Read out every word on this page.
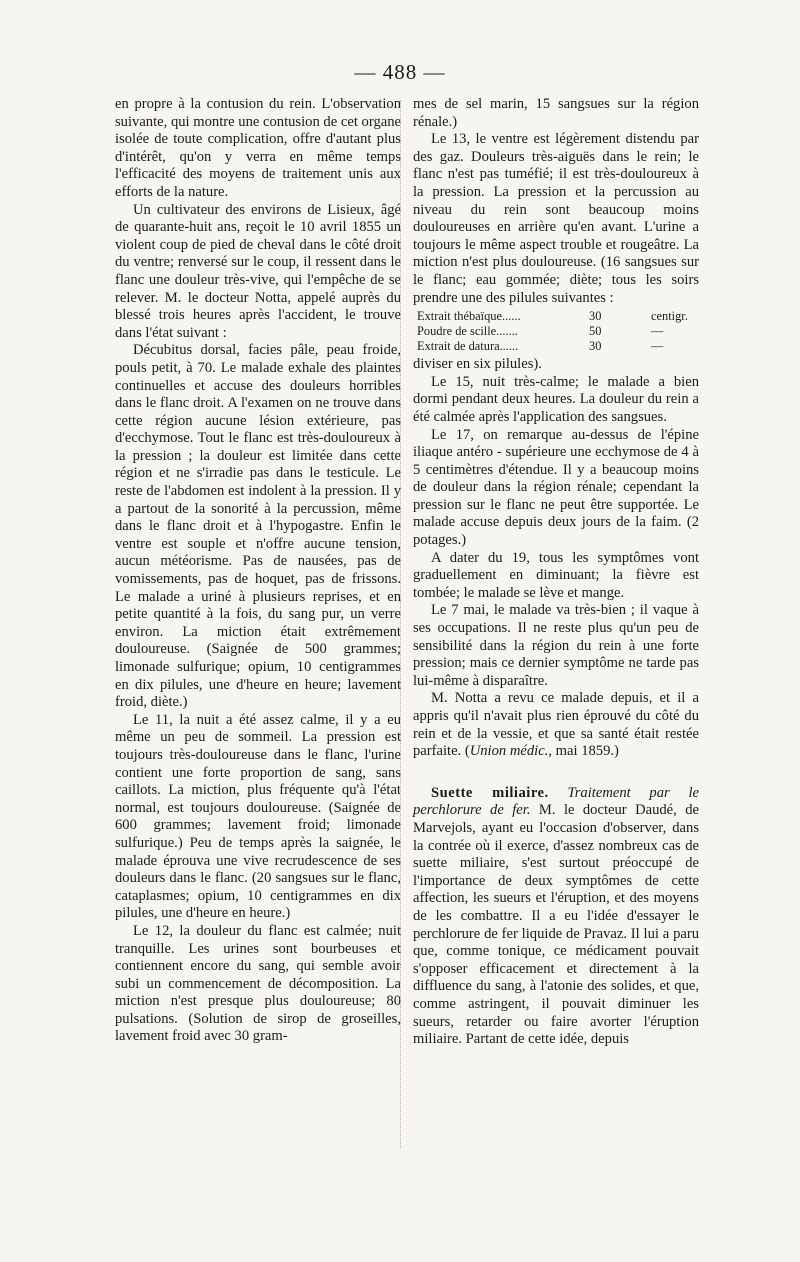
— 488 —

en propre à la contusion du rein. L'observation suivante, qui montre une contusion de cet organe isolée de toute complication, offre d'autant plus d'intérêt, qu'on y verra en même temps l'efficacité des moyens de traitement unis aux efforts de la nature.

Un cultivateur des environs de Lisieux, âgé de quarante-huit ans, reçoit le 10 avril 1855 un violent coup de pied de cheval dans le côté droit du ventre; renversé sur le coup, il ressent dans le flanc une douleur très-vive, qui l'empêche de se relever. M. le docteur Notta, appelé auprès du blessé trois heures après l'accident, le trouve dans l'état suivant :

Décubitus dorsal, facies pâle, peau froide, pouls petit, à 70. Le malade exhale des plaintes continuelles et accuse des douleurs horribles dans le flanc droit. A l'examen on ne trouve dans cette région aucune lésion extérieure, pas d'ecchymose. Tout le flanc est très-douloureux à la pression ; la douleur est limitée dans cette région et ne s'irradie pas dans le testicule. Le reste de l'abdomen est indolent à la pression. Il y a partout de la sonorité à la percussion, même dans le flanc droit et à l'hypogastre. Enfin le ventre est souple et n'offre aucune tension, aucun météorisme. Pas de nausées, pas de vomissements, pas de hoquet, pas de frissons. Le malade a uriné à plusieurs reprises, et en petite quantité à la fois, du sang pur, un verre environ. La miction était extrêmement douloureuse. (Saignée de 500 grammes; limonade sulfurique; opium, 10 centigrammes en dix pilules, une d'heure en heure; lavement froid, diète.)

Le 11, la nuit a été assez calme, il y a eu même un peu de sommeil. La pression est toujours très-douloureuse dans le flanc, l'urine contient une forte proportion de sang, sans caillots. La miction, plus fréquente qu'à l'état normal, est toujours douloureuse. (Saignée de 600 grammes; lavement froid; limonade sulfurique.) Peu de temps après la saignée, le malade éprouva une vive recrudescence de ses douleurs dans le flanc. (20 sangsues sur le flanc, cataplasmes; opium, 10 centigrammes en dix pilules, une d'heure en heure.)

Le 12, la douleur du flanc est calmée; nuit tranquille. Les urines sont bourbeuses et contiennent encore du sang, qui semble avoir subi un commencement de décomposition. La miction n'est presque plus douloureuse; 80 pulsations. (Solution de sirop de groseilles, lavement froid avec 30 gram-

mes de sel marin, 15 sangsues sur la région rénale.)

Le 13, le ventre est légèrement distendu par des gaz. Douleurs très-aiguës dans le rein; le flanc n'est pas tuméfié; il est très-douloureux à la pression. La pression et la percussion au niveau du rein sont beaucoup moins douloureuses en arrière qu'en avant. L'urine a toujours le même aspect trouble et rougeâtre. La miction n'est plus douloureuse. (16 sangsues sur le flanc; eau gommée; diète; tous les soirs prendre une des pilules suivantes :

Extrait thébaïque......	30	centigr.
Poudre de scille.......	50	—
Extrait de datura......	30	—

diviser en six pilules).

Le 15, nuit très-calme; le malade a bien dormi pendant deux heures. La douleur du rein a été calmée après l'application des sangsues.

Le 17, on remarque au-dessus de l'épine iliaque antéro - supérieure une ecchymose de 4 à 5 centimètres d'étendue. Il y a beaucoup moins de douleur dans la région rénale; cependant la pression sur le flanc ne peut être supportée. Le malade accuse depuis deux jours de la faim. (2 potages.)

A dater du 19, tous les symptômes vont graduellement en diminuant; la fièvre est tombée; le malade se lève et mange.

Le 7 mai, le malade va très-bien ; il vaque à ses occupations. Il ne reste plus qu'un peu de sensibilité dans la région du rein à une forte pression; mais ce dernier symptôme ne tarde pas lui-même à disparaître.

M. Notta a revu ce malade depuis, et il a appris qu'il n'avait plus rien éprouvé du côté du rein et de la vessie, et que sa santé était restée parfaite. (Union médic., mai 1859.)

Suette miliaire. Traitement par le perchlorure de fer. M. le docteur Daudé, de Marvejols, ayant eu l'occasion d'observer, dans la contrée où il exerce, d'assez nombreux cas de suette miliaire, s'est surtout préoccupé de l'importance de deux symptômes de cette affection, les sueurs et l'éruption, et des moyens de les combattre. Il a eu l'idée d'essayer le perchlorure de fer liquide de Pravaz. Il lui a paru que, comme tonique, ce médicament pouvait s'opposer efficacement et directement à la diffluence du sang, à l'atonie des solides, et que, comme astringent, il pouvait diminuer les sueurs, retarder ou faire avorter l'éruption miliaire. Partant de cette idée, depuis
